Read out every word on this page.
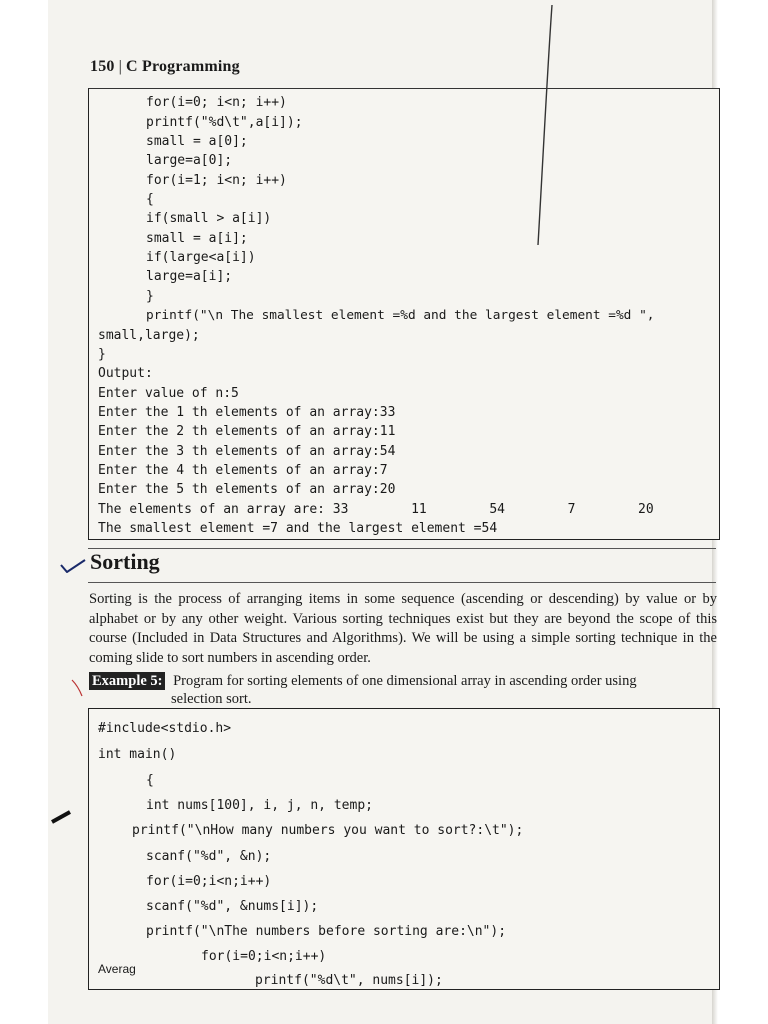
150 | C Programming
for(i=0; i<n; i++)
printf("%d\t",a[i]);
small = a[0];
large=a[0];
for(i=1; i<n; i++)
{
if(small > a[i])
small = a[i];
if(large<a[i])
large=a[i];
}
printf("\n The smallest element =%d and the largest element =%d ",
small,large);
}
Output:
Enter value of n:5
Enter the 1 th elements of an array:33
Enter the 2 th elements of an array:11
Enter the 3 th elements of an array:54
Enter the 4 th elements of an array:7
Enter the 5 th elements of an array:20
The elements of an array are: 33        11        54        7        20
The smallest element =7 and the largest element =54
Sorting
Sorting is the process of arranging items in some sequence (ascending or descending) by value or by alphabet or by any other weight. Various sorting techniques exist but they are beyond the scope of this course (Included in Data Structures and Algorithms). We will be using a simple sorting technique in the coming slide to sort numbers in ascending order.
Example 5: Program for sorting elements of one dimensional array in ascending order using
selection sort.
#include<stdio.h>
int main()
{
int nums[100], i, j, n, temp;
printf("\nHow many numbers you want to sort?:\t");
scanf("%d", &n);
for(i=0;i<n;i++)
scanf("%d", &nums[i]);
printf("\nThe numbers before sorting are:\n");
for(i=0;i<n;i++)
printf("%d\t", nums[i]);
Averag
